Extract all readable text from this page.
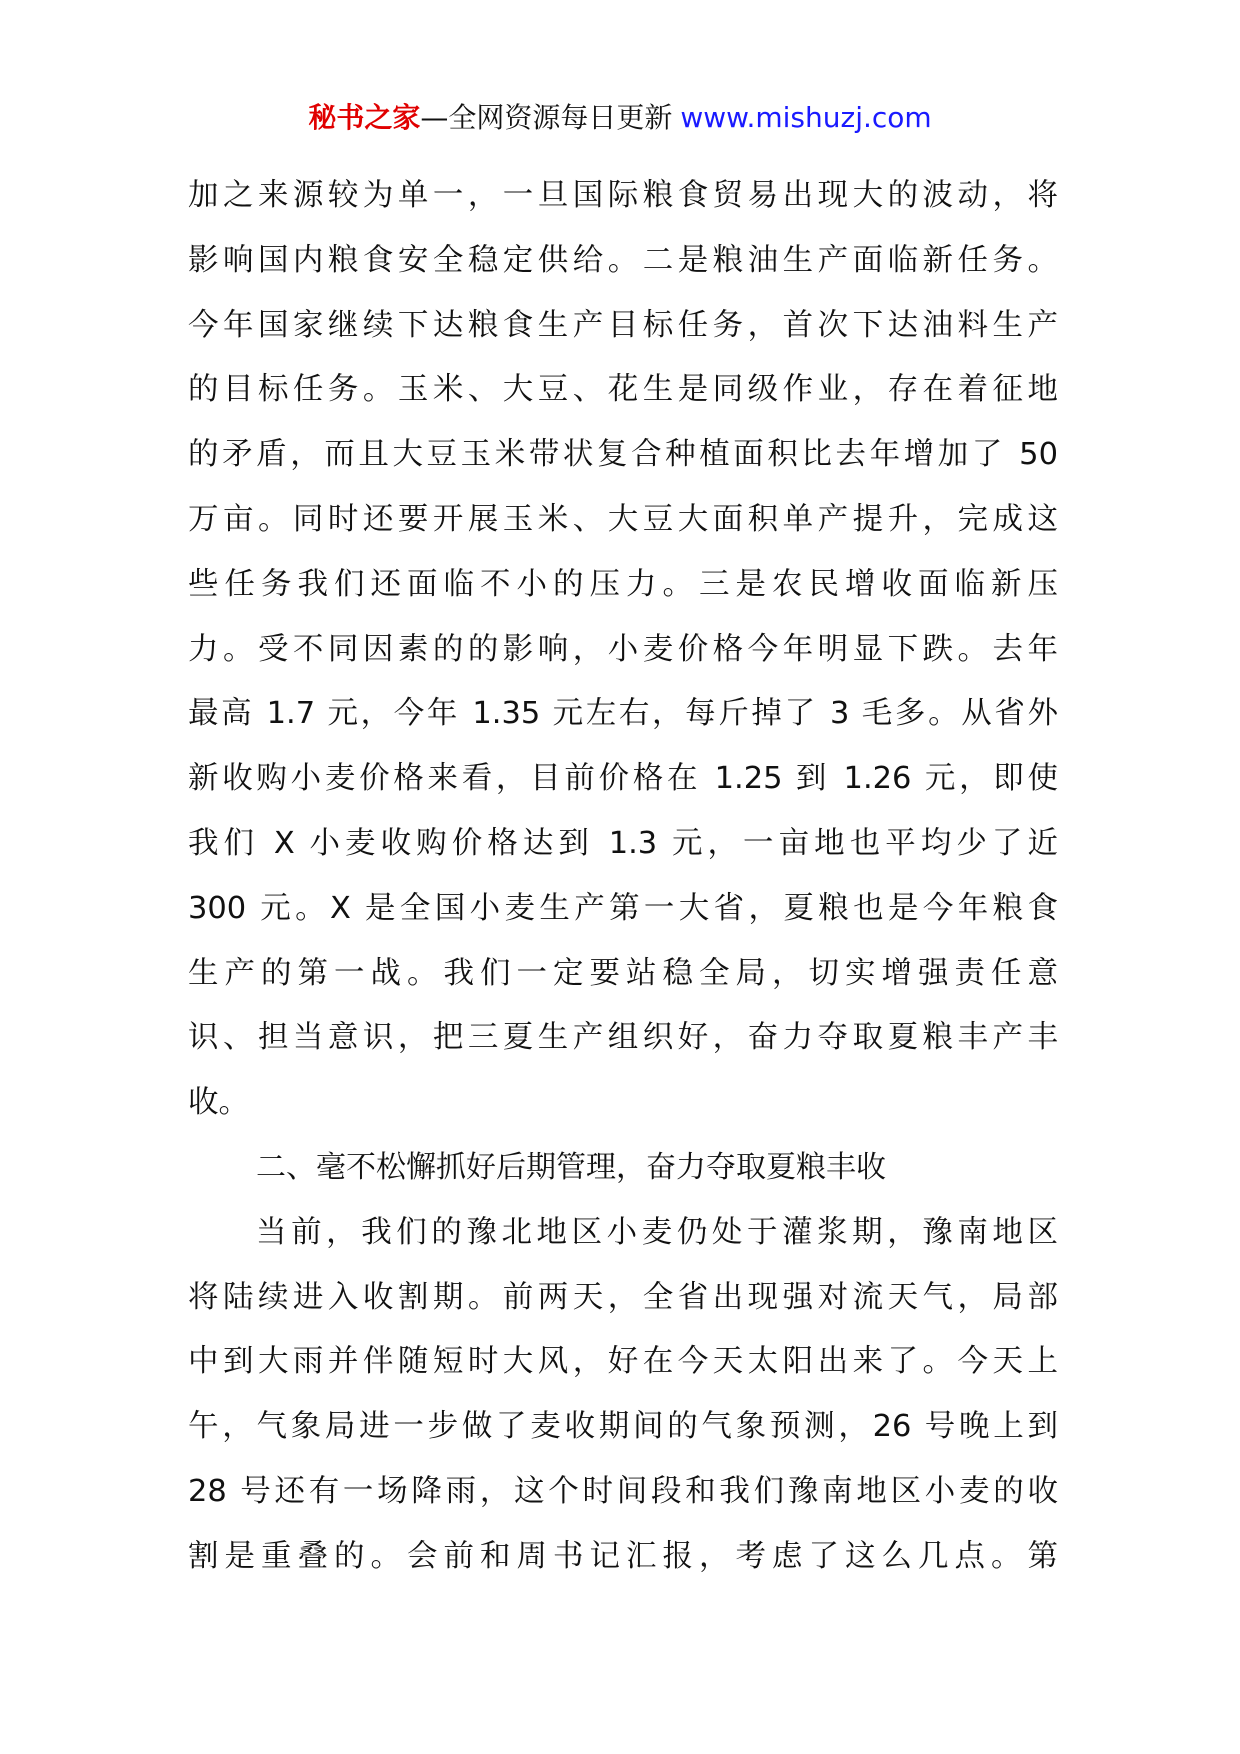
秘书之家—全网资源每日更新 www.mishuzj.com
加之来源较为单一，一旦国际粮食贸易出现大的波动，将
影响国内粮食安全稳定供给。二是粮油生产面临新任务。
今年国家继续下达粮食生产目标任务，首次下达油料生产
的目标任务。玉米、大豆、花生是同级作业，存在着征地
的矛盾，而且大豆玉米带状复合种植面积比去年增加了 50
万亩。同时还要开展玉米、大豆大面积单产提升，完成这
些任务我们还面临不小的压力。三是农民增收面临新压
力。受不同因素的的影响，小麦价格今年明显下跌。去年
最高 1.7 元，今年 1.35 元左右，每斤掉了 3 毛多。从省外
新收购小麦价格来看，目前价格在 1.25 到 1.26 元，即使
我们 X 小麦收购价格达到 1.3 元，一亩地也平均少了近
300 元。X 是全国小麦生产第一大省，夏粮也是今年粮食
生产的第一战。我们一定要站稳全局，切实增强责任意
识、担当意识，把三夏生产组织好，奋力夺取夏粮丰产丰
收。
二、毫不松懈抓好后期管理，奋力夺取夏粮丰收
当前，我们的豫北地区小麦仍处于灌浆期，豫南地区
将陆续进入收割期。前两天，全省出现强对流天气，局部
中到大雨并伴随短时大风，好在今天太阳出来了。今天上
午，气象局进一步做了麦收期间的气象预测，26 号晚上到
28 号还有一场降雨，这个时间段和我们豫南地区小麦的收
割是重叠的。会前和周书记汇报，考虑了这么几点。第
